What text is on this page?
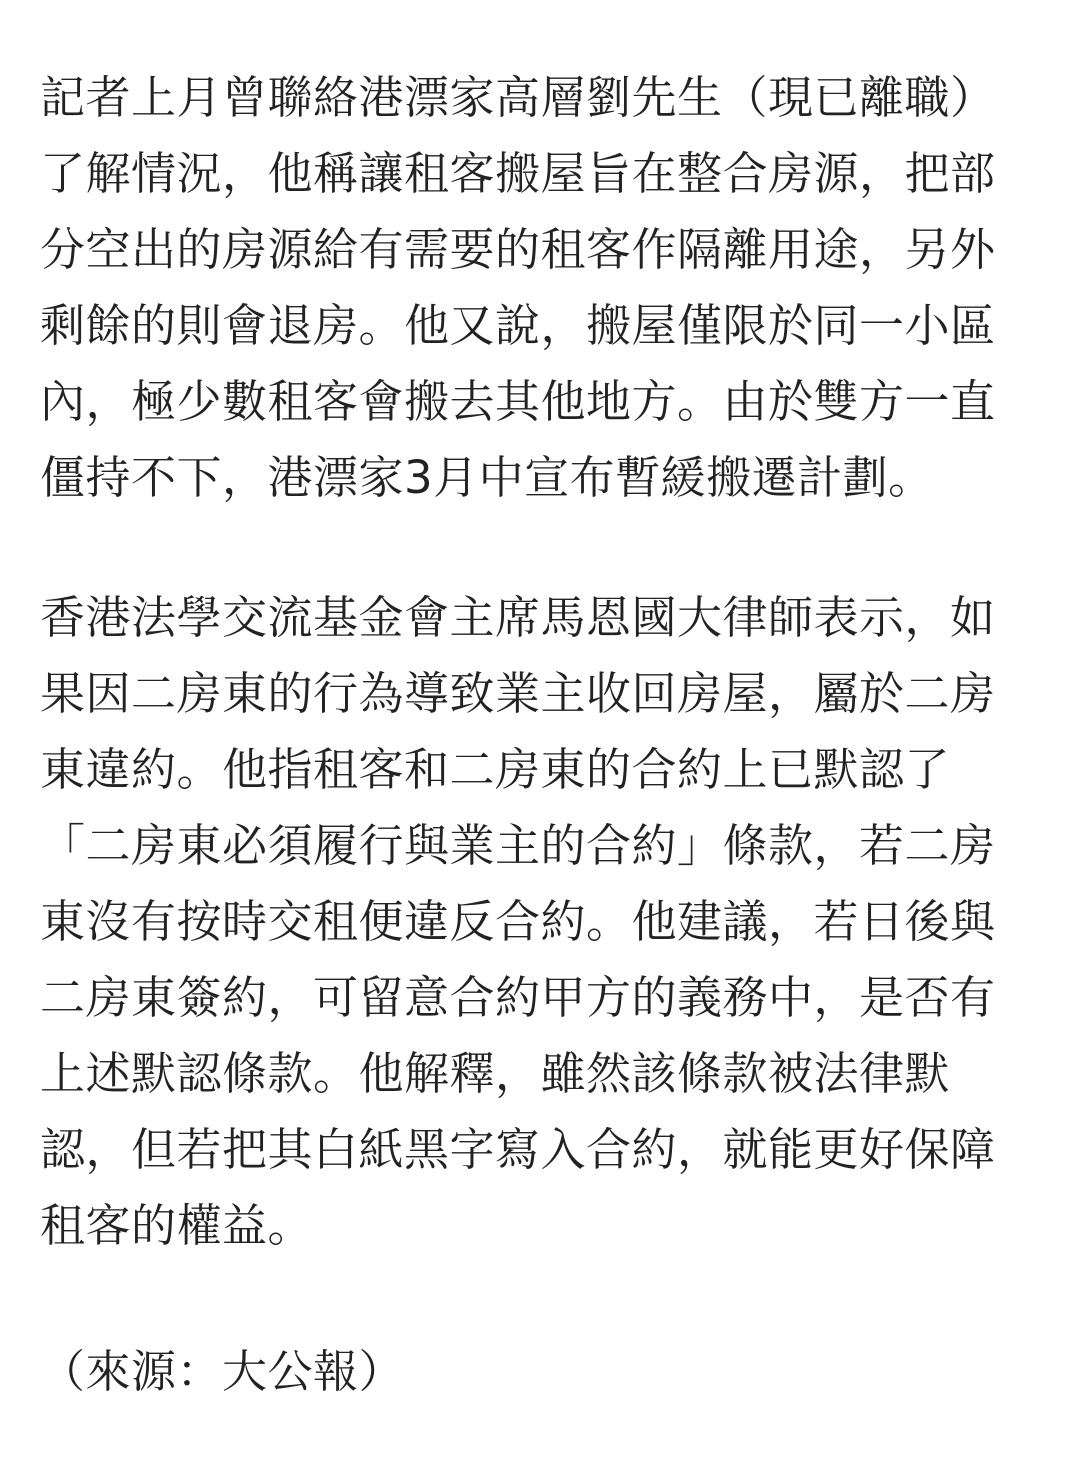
記者上月曾聯絡港漂家高層劉先生（現已離職）
了解情況，他稱讓租客搬屋旨在整合房源，把部
分空出的房源給有需要的租客作隔離用途，另外
剩餘的則會退房。他又說，搬屋僅限於同一小區
內，極少數租客會搬去其他地方。由於雙方一直
僵持不下，港漂家3月中宣布暫緩搬遷計劃。
香港法學交流基金會主席馬恩國大律師表示，如
果因二房東的行為導致業主收回房屋，屬於二房
東違約。他指租客和二房東的合約上已默認了
「二房東必須履行與業主的合約」條款，若二房
東沒有按時交租便違反合約。他建議，若日後與
二房東簽約，可留意合約甲方的義務中，是否有
上述默認條款。他解釋，雖然該條款被法律默
認，但若把其白紙黑字寫入合約，就能更好保障
租客的權益。
（來源：大公報）
